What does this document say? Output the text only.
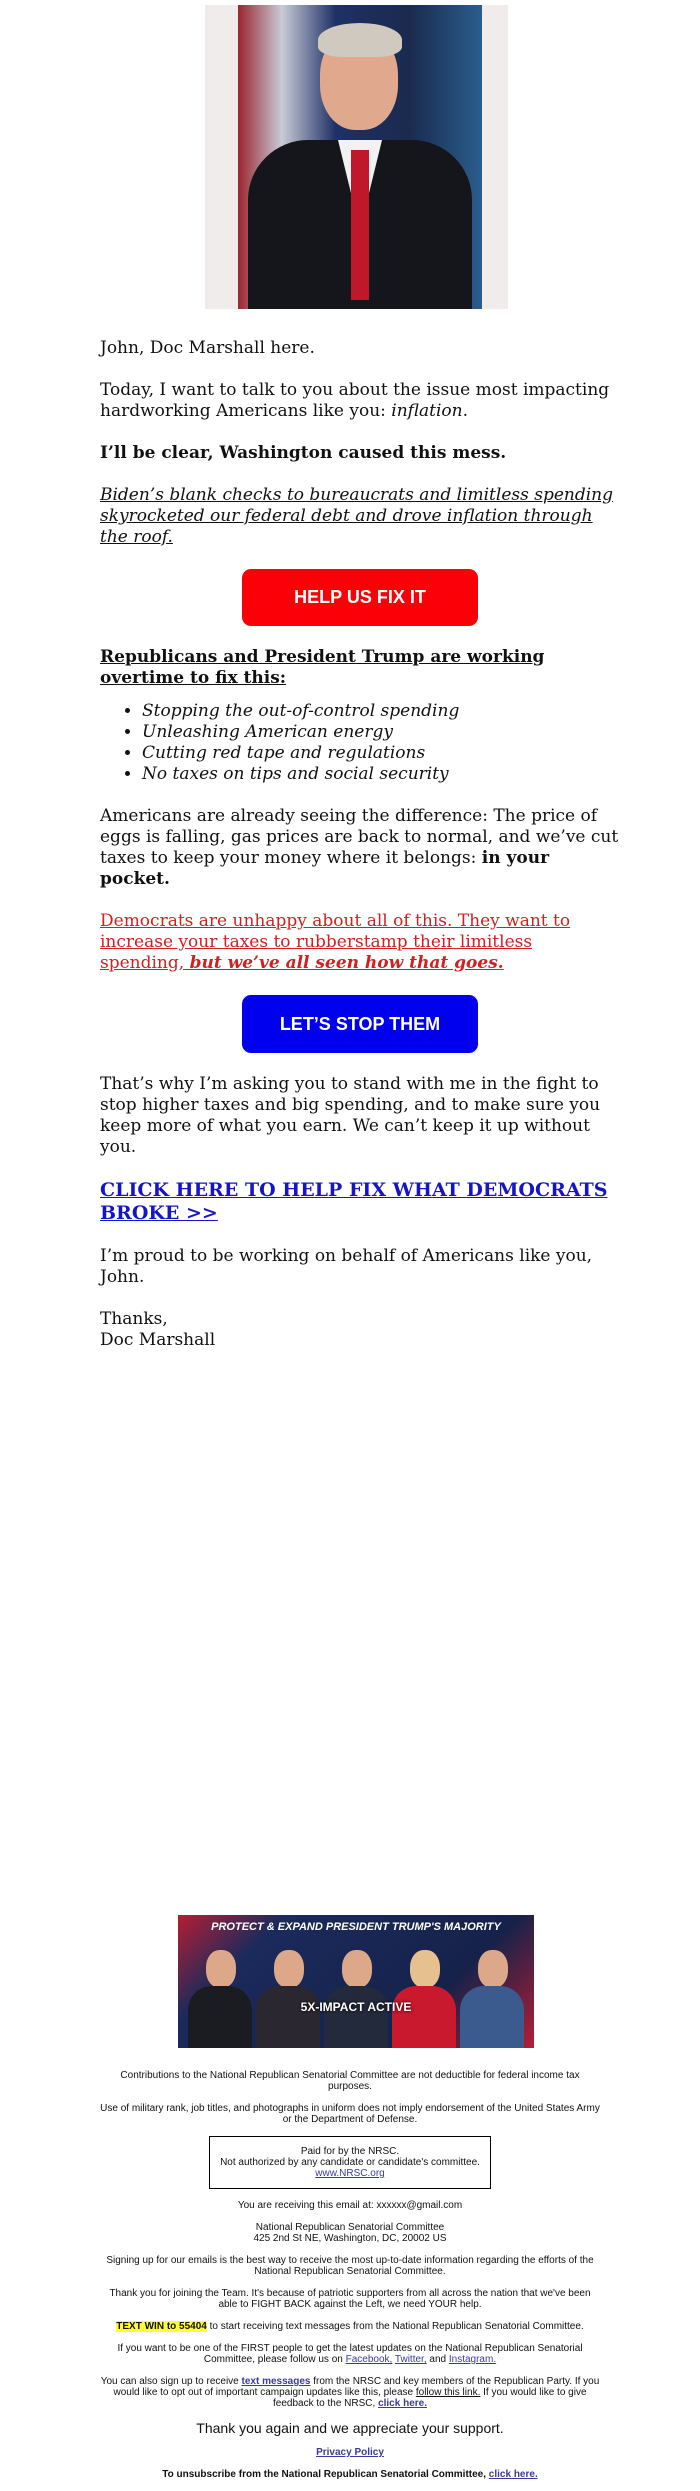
John, Doc Marshall here.

Today, I want to talk to you about the issue most impacting hardworking Americans like you: inflation.

I’ll be clear, Washington caused this mess.

Biden’s blank checks to bureaucrats and limitless spending skyrocketed our federal debt and drove inflation through the roof.

HELP US FIX IT

Republicans and President Trump are working overtime to fix this:

• Stopping the out-of-control spending
• Unleashing American energy
• Cutting red tape and regulations
• No taxes on tips and social security

Americans are already seeing the difference: The price of eggs is falling, gas prices are back to normal, and we’ve cut taxes to keep your money where it belongs: in your pocket.

Democrats are unhappy about all of this. They want to increase your taxes to rubberstamp their limitless spending, but we’ve all seen how that goes.

LET’S STOP THEM

That’s why I’m asking you to stand with me in the fight to stop higher taxes and big spending, and to make sure you keep more of what you earn. We can’t keep it up without you.

CLICK HERE TO HELP FIX WHAT DEMOCRATS BROKE >>

I’m proud to be working on behalf of Americans like you, John.

Thanks,

Doc Marshall

PROTECT & EXPAND PRESIDENT TRUMP'S MAJORITY
5X-IMPACT ACTIVE

Contributions to the National Republican Senatorial Committee are not deductible for federal income tax purposes.

Use of military rank, job titles, and photographs in uniform does not imply endorsement of the United States Army or the Department of Defense.

Paid for by the NRSC.
Not authorized by any candidate or candidate's committee.
www.NRSC.org

You are receiving this email at: xxxxxx@gmail.com

National Republican Senatorial Committee
425 2nd St NE, Washington, DC, 20002 US

Signing up for our emails is the best way to receive the most up-to-date information regarding the efforts of the National Republican Senatorial Committee.

Thank you for joining the Team. It's because of patriotic supporters from all across the nation that we've been able to FIGHT BACK against the Left, we need YOUR help.

TEXT WIN to 55404 to start receiving text messages from the National Republican Senatorial Committee.

If you want to be one of the FIRST people to get the latest updates on the National Republican Senatorial Committee, please follow us on Facebook, Twitter, and Instagram.

You can also sign up to receive text messages from the NRSC and key members of the Republican Party. If you would like to opt out of important campaign updates like this, please follow this link. If you would like to give feedback to the NRSC, click here.

Thank you again and we appreciate your support.

Privacy Policy

To unsubscribe from the National Republican Senatorial Committee, click here.
